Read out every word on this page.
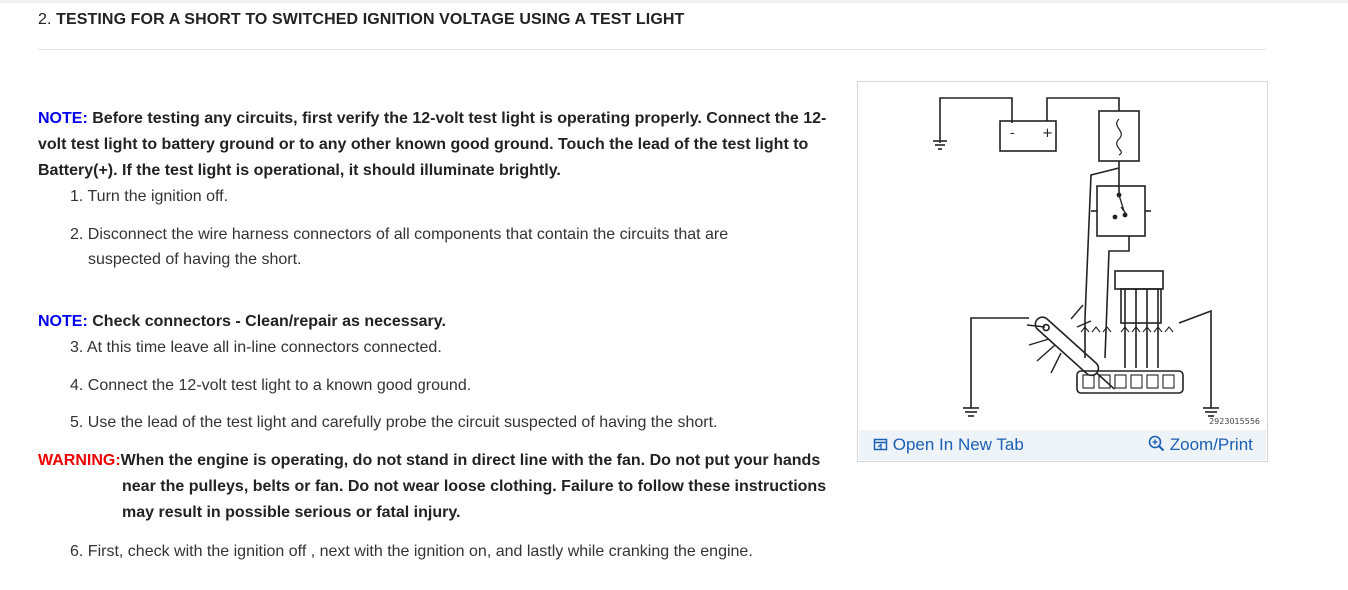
2. TESTING FOR A SHORT TO SWITCHED IGNITION VOLTAGE USING A TEST LIGHT
NOTE: Before testing any circuits, first verify the 12-volt test light is operating properly. Connect the 12-
volt test light to battery ground or to any other known good ground. Touch the lead of the test light to
Battery(+). If the test light is operational, it should illuminate brightly.
1. Turn the ignition off.
2. Disconnect the wire harness connectors of all components that contain the circuits that are
suspected of having the short.
NOTE: Check connectors - Clean/repair as necessary.
3. At this time leave all in-line connectors connected.
4. Connect the 12-volt test light to a known good ground.
5. Use the lead of the test light and carefully probe the circuit suspected of having the short.
WARNING:When the engine is operating, do not stand in direct line with the fan. Do not put your hands
near the pulleys, belts or fan. Do not wear loose clothing. Failure to follow these instructions
may result in possible serious or fatal injury.
6. First, check with the ignition off , next with the ignition on, and lastly while cranking the engine.
- +
2923015556
Open In New Tab	Zoom/Print
